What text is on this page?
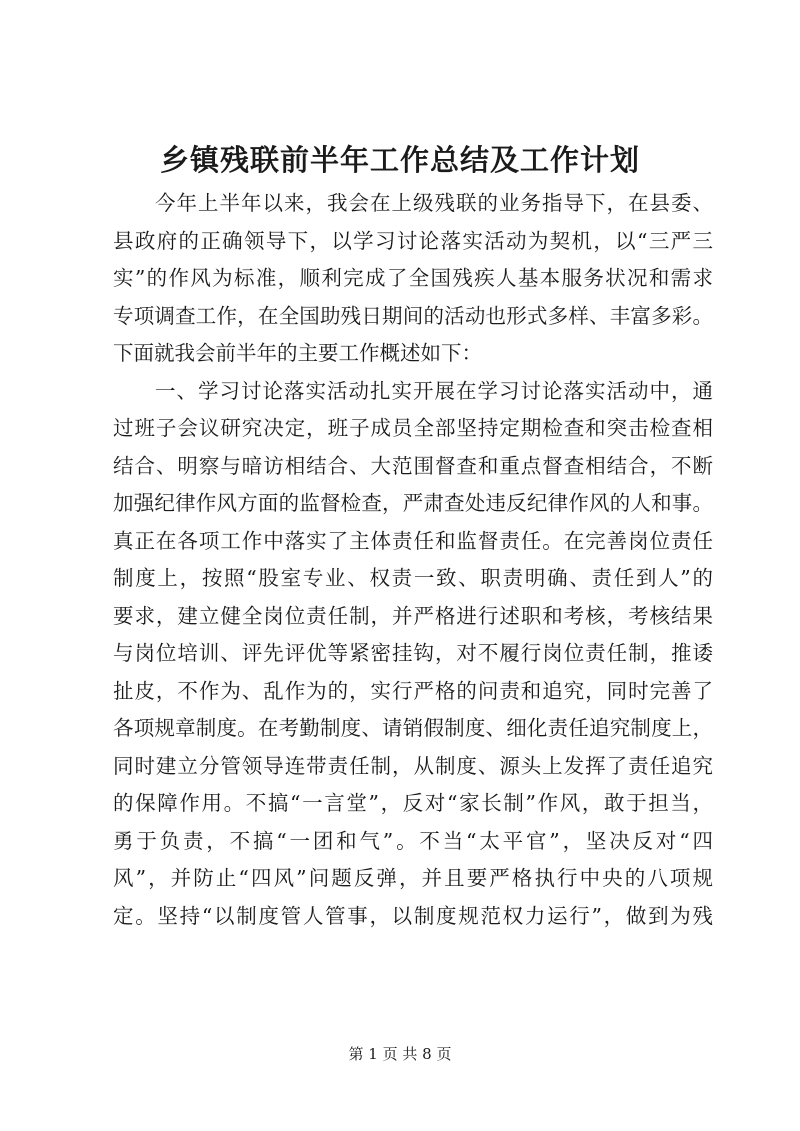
乡镇残联前半年工作总结及工作计划
今年上半年以来，我会在上级残联的业务指导下，在县委、
县政府的正确领导下，以学习讨论落实活动为契机，以“三严三
实”的作风为标准，顺利完成了全国残疾人基本服务状况和需求
专项调查工作，在全国助残日期间的活动也形式多样、丰富多彩。
下面就我会前半年的主要工作概述如下：
一、学习讨论落实活动扎实开展在学习讨论落实活动中，通
过班子会议研究决定，班子成员全部坚持定期检查和突击检查相
结合、明察与暗访相结合、大范围督查和重点督查相结合，不断
加强纪律作风方面的监督检查，严肃查处违反纪律作风的人和事。
真正在各项工作中落实了主体责任和监督责任。在完善岗位责任
制度上，按照“股室专业、权责一致、职责明确、责任到人”的
要求，建立健全岗位责任制，并严格进行述职和考核，考核结果
与岗位培训、评先评优等紧密挂钩，对不履行岗位责任制，推诿
扯皮，不作为、乱作为的，实行严格的问责和追究，同时完善了
各项规章制度。在考勤制度、请销假制度、细化责任追究制度上，
同时建立分管领导连带责任制，从制度、源头上发挥了责任追究
的保障作用。不搞“一言堂”，反对“家长制”作风，敢于担当，
勇于负责，不搞“一团和气”。不当“太平官”，坚决反对“四
风”，并防止“四风”问题反弹，并且要严格执行中央的八项规
定。坚持“以制度管人管事，以制度规范权力运行”，做到为残
第 1 页 共 8 页
